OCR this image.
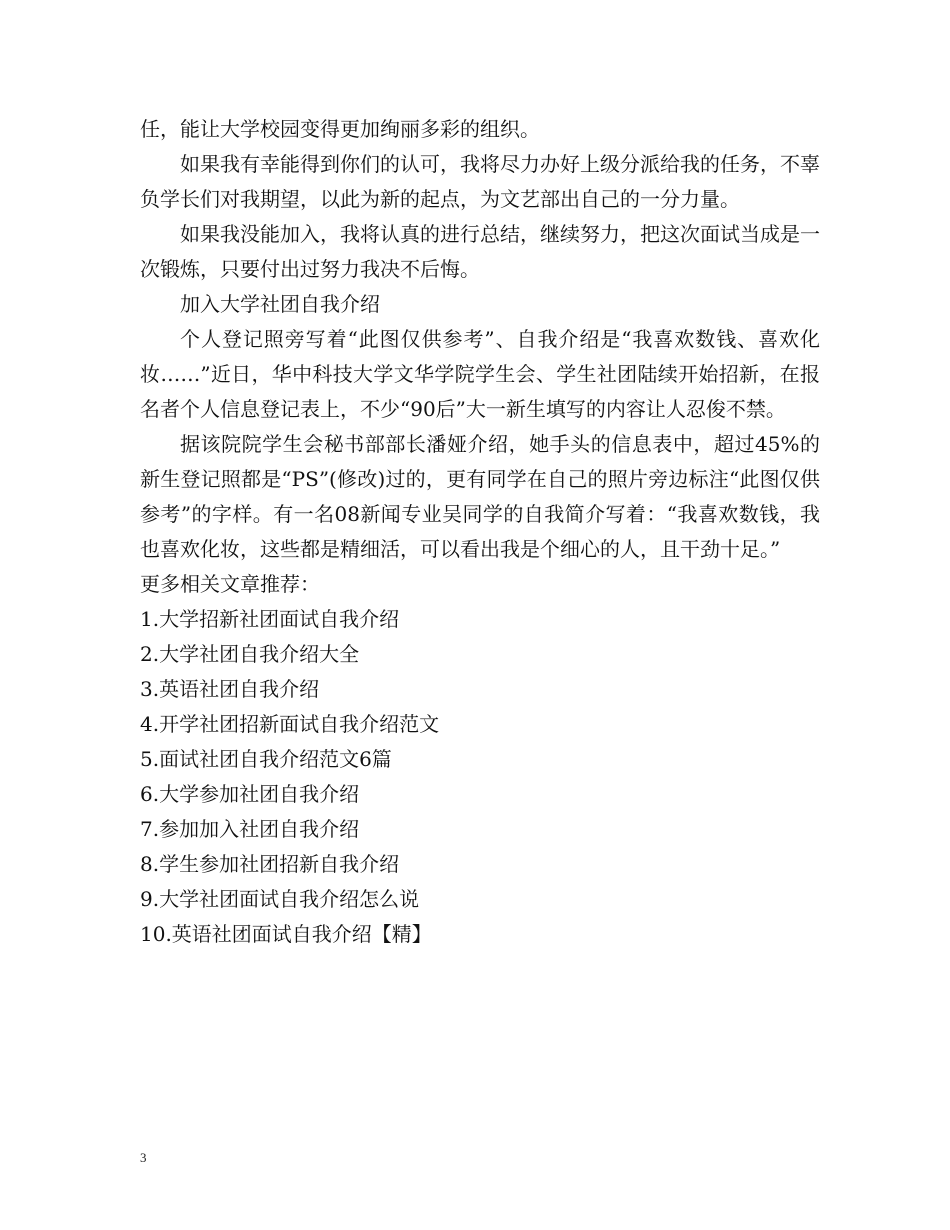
任，能让大学校园变得更加绚丽多彩的组织。

如果我有幸能得到你们的认可，我将尽力办好上级分派给我的任务，不辜负学长们对我期望，以此为新的起点，为文艺部出自己的一分力量。

如果我没能加入，我将认真的进行总结，继续努力，把这次面试当成是一次锻炼，只要付出过努力我决不后悔。

加入大学社团自我介绍

个人登记照旁写着“此图仅供参考”、自我介绍是“我喜欢数钱、喜欢化妆……”近日，华中科技大学文华学院学生会、学生社团陆续开始招新，在报名者个人信息登记表上，不少“90后”大一新生填写的内容让人忍俊不禁。

据该院院学生会秘书部部长潘娅介绍，她手头的信息表中，超过45%的新生登记照都是“PS”(修改)过的，更有同学在自己的照片旁边标注“此图仅供参考”的字样。有一名08新闻专业吴同学的自我简介写着：“我喜欢数钱，我也喜欢化妆，这些都是精细活，可以看出我是个细心的人，且干劲十足。”

更多相关文章推荐：

1.大学招新社团面试自我介绍
2.大学社团自我介绍大全
3.英语社团自我介绍
4.开学社团招新面试自我介绍范文
5.面试社团自我介绍范文6篇
6.大学参加社团自我介绍
7.参加加入社团自我介绍
8.学生参加社团招新自我介绍
9.大学社团面试自我介绍怎么说
10.英语社团面试自我介绍【精】
3
